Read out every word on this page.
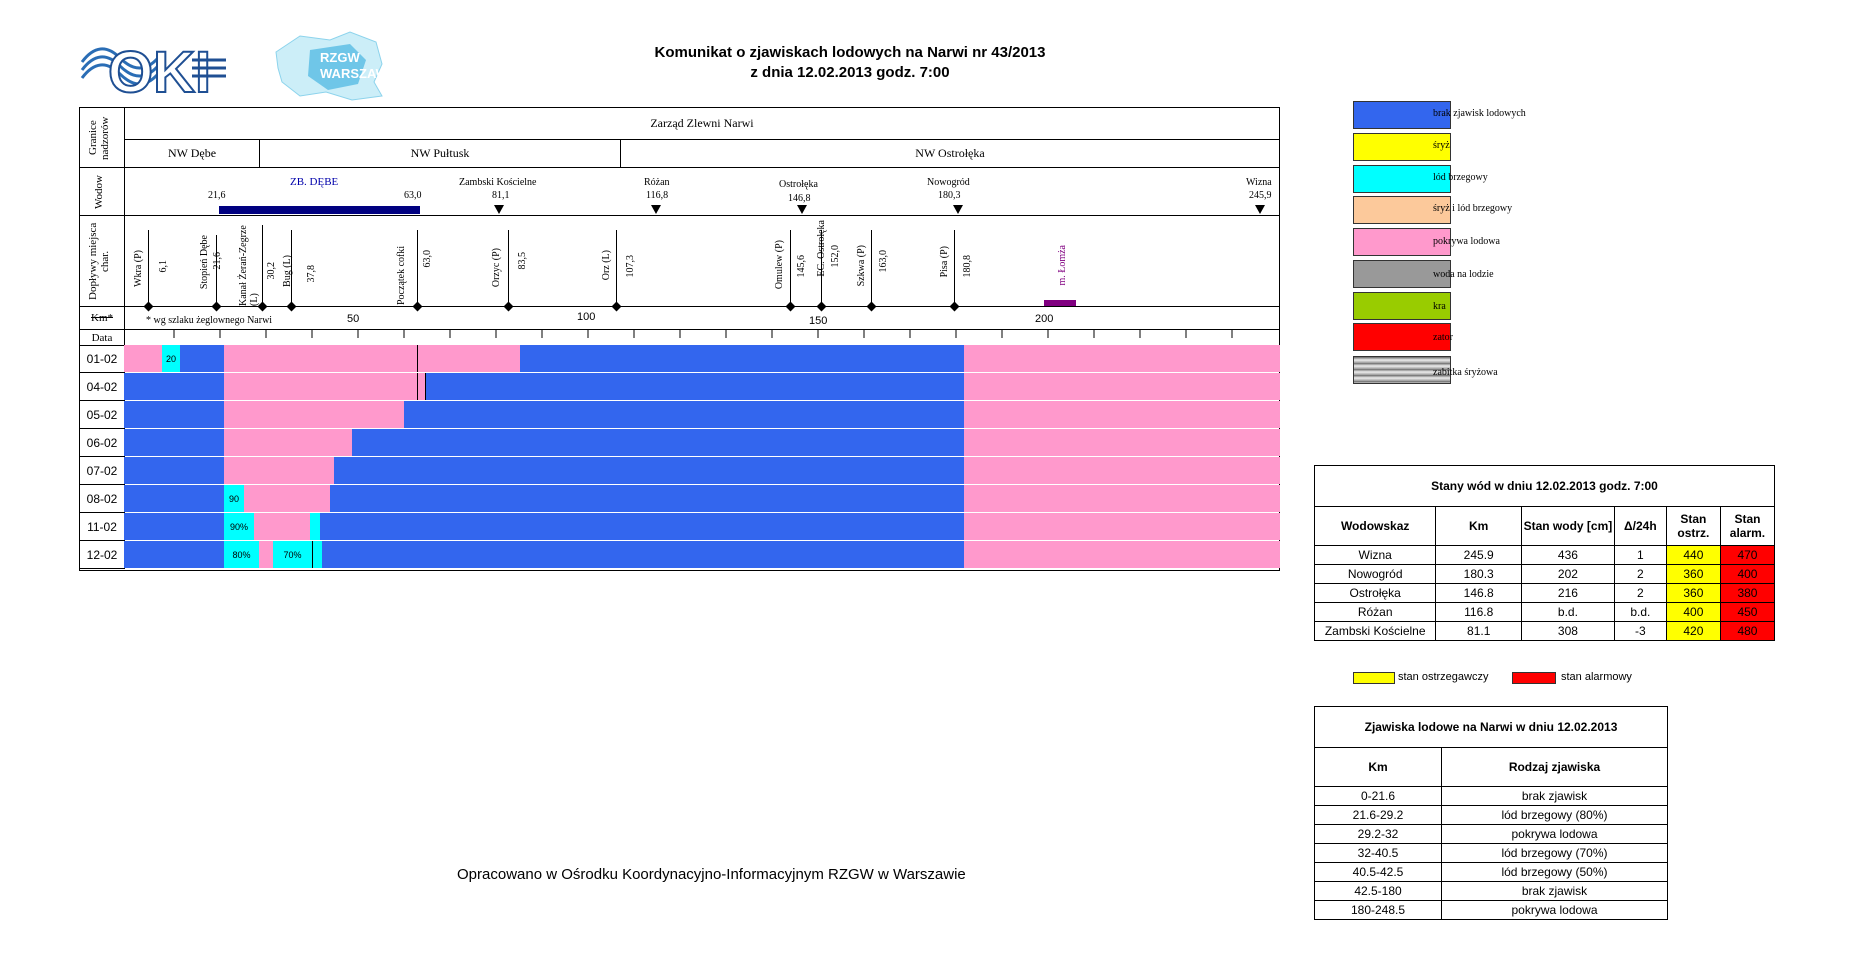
OKI	RZGW
WARSZAWA
Komunikat o zjawiskach lodowych na Narwi nr 43/2013
z dnia 12.02.2013 godz. 7:00
Granice nadzorów
Wodow
Dopływy miejsca char.
Km*
Data
Zarząd Zlewni Narwi
NW Dębe	NW Pułtusk	NW Ostrołęka
ZB. DĘBE
21,6	63,0
Zambski Kościelne
81,1
Różan
116,8
Ostrołęka
146,8
Nowogród
180,3
Wizna
245,9
Wkra (P) 6,1	Stopień Dębe 21,6 Kanał Żerań-Zegrze (L)
30,2 Bug (L) 37,8	Początek cofki	63,0	Orzyc (P) 83,5	Orz (L) 107,3	Omulew (P) 145,6 EC. Ostrołęka 152,0 Szkwa (P) 163,0	Pisa (P) 180,8	m. Łomża
* wg szlaku żeglownego Narwi	50	100	150	200
01-02
04-02
05-02
06-02
07-02
08-02
11-02
12-02
20
90
90%
80%	70%
brak zjawisk lodowych
śryż
lód brzegowy
śryż i lód brzegowy
pokrywa lodowa
woda na lodzie
kra
zator
zabitka śryżowa
Stany wód w dniu 12.02.2013 godz. 7:00					
Wodowskaz	Km	Stan wody [cm]	Δ/24h	Stan ostrz.	Stan alarm.
Wizna	245.9	436	1	440	470
Nowogród	180.3	202	2	360	400
Ostrołęka	146.8	216	2	360	380
Różan	116.8	b.d.	b.d.	400	450
Zambski Kościelne	81.1	308	-3	420	480
stan ostrzegawczy	stan alarmowy
Zjawiska lodowe na Narwi w dniu 12.02.2013	
Km	Rodzaj zjawiska
0-21.6	brak zjawisk
21.6-29.2	lód brzegowy (80%)
29.2-32	pokrywa lodowa
32-40.5	lód brzegowy (70%)
40.5-42.5	lód brzegowy (50%)
42.5-180	brak zjawisk
180-248.5	pokrywa lodowa
Opracowano w Ośrodku Koordynacyjno-Informacyjnym RZGW w Warszawie
